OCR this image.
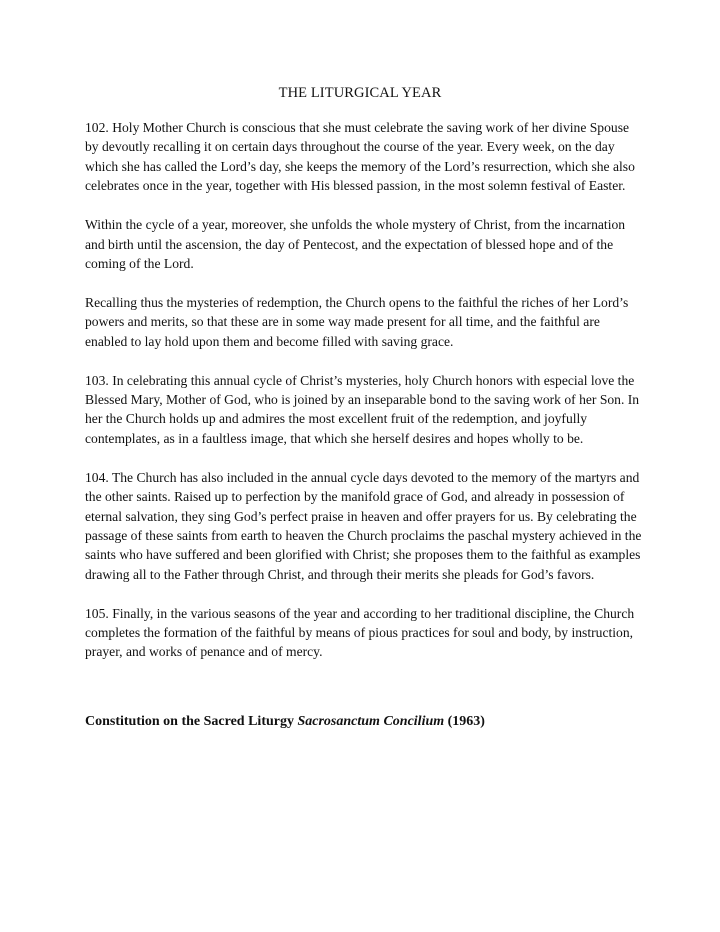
THE LITURGICAL YEAR

102. Holy Mother Church is conscious that she must celebrate the saving work of her divine Spouse by devoutly recalling it on certain days throughout the course of the year. Every week, on the day which she has called the Lord’s day, she keeps the memory of the Lord’s resurrection, which she also celebrates once in the year, together with His blessed passion, in the most solemn festival of Easter.

Within the cycle of a year, moreover, she unfolds the whole mystery of Christ, from the incarnation and birth until the ascension, the day of Pentecost, and the expectation of blessed hope and of the coming of the Lord.

Recalling thus the mysteries of redemption, the Church opens to the faithful the riches of her Lord’s powers and merits, so that these are in some way made present for all time, and the faithful are enabled to lay hold upon them and become filled with saving grace.

103. In celebrating this annual cycle of Christ’s mysteries, holy Church honors with especial love the Blessed Mary, Mother of God, who is joined by an inseparable bond to the saving work of her Son. In her the Church holds up and admires the most excellent fruit of the redemption, and joyfully contemplates, as in a faultless image, that which she herself desires and hopes wholly to be.

104. The Church has also included in the annual cycle days devoted to the memory of the martyrs and the other saints. Raised up to perfection by the manifold grace of God, and already in possession of eternal salvation, they sing God’s perfect praise in heaven and offer prayers for us. By celebrating the passage of these saints from earth to heaven the Church proclaims the paschal mystery achieved in the saints who have suffered and been glorified with Christ; she proposes them to the faithful as examples drawing all to the Father through Christ, and through their merits she pleads for God’s favors.

105. Finally, in the various seasons of the year and according to her traditional discipline, the Church completes the formation of the faithful by means of pious practices for soul and body, by instruction, prayer, and works of penance and of mercy.

Constitution on the Sacred Liturgy Sacrosanctum Concilium (1963)
